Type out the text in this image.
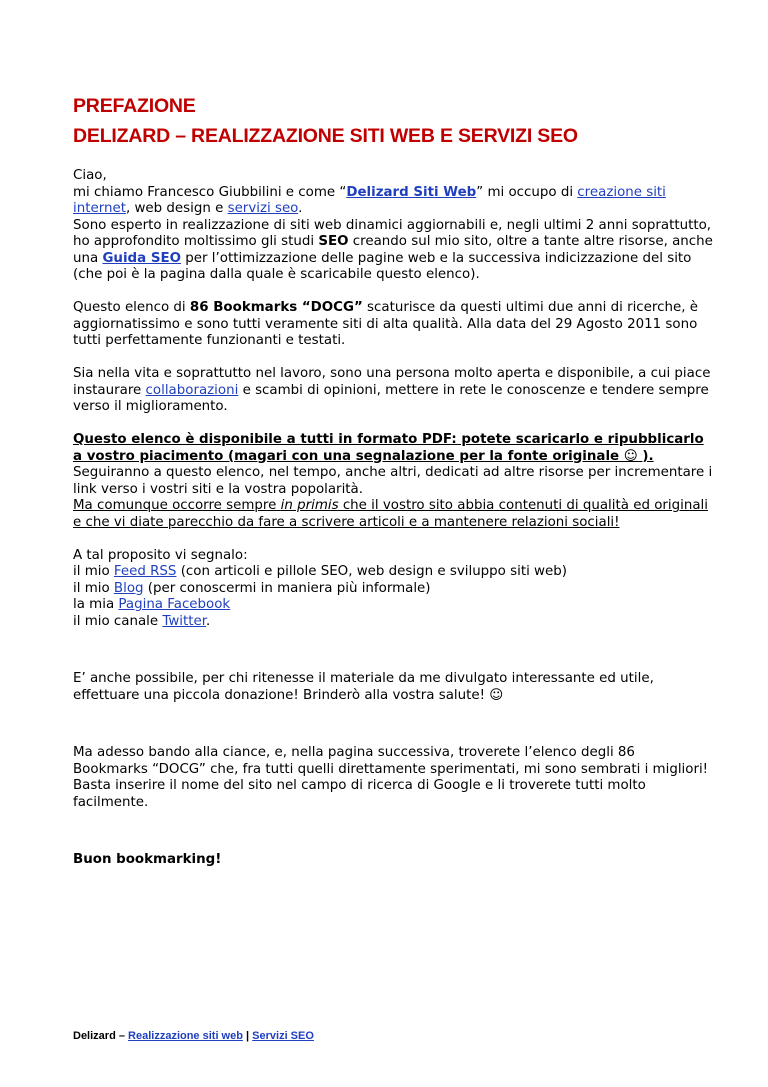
PREFAZIONE
DELIZARD – REALIZZAZIONE SITI WEB E SERVIZI SEO

Ciao,

mi chiamo Francesco Giubbilini e come “Delizard Siti Web” mi occupo di creazione siti internet, web design e servizi seo.
Sono esperto in realizzazione di siti web dinamici aggiornabili e, negli ultimi 2 anni soprattutto, ho approfondito moltissimo gli studi SEO creando sul mio sito, oltre a tante altre risorse, anche una Guida SEO per l’ottimizzazione delle pagine web e la successiva indicizzazione del sito (che poi è la pagina dalla quale è scaricabile questo elenco).

Questo elenco di 86 Bookmarks “DOCG” scaturisce da questi ultimi due anni di ricerche, è aggiornatissimo e sono tutti veramente siti di alta qualità. Alla data del 29 Agosto 2011 sono tutti perfettamente funzionanti e testati.

Sia nella vita e soprattutto nel lavoro, sono una persona molto aperta e disponibile, a cui piace instaurare collaborazioni e scambi di opinioni, mettere in rete le conoscenze e tendere sempre verso il miglioramento.

Questo elenco è disponibile a tutti in formato PDF: potete scaricarlo e ripubblicarlo a vostro piacimento (magari con una segnalazione per la fonte originale ☺ ).

Seguiranno a questo elenco, nel tempo, anche altri, dedicati ad altre risorse per incrementare i link verso i vostri siti e la vostra popolarità.

Ma comunque occorre sempre in primis che il vostro sito abbia contenuti di qualità ed originali e che vi diate parecchio da fare a scrivere articoli e a mantenere relazioni sociali!

A tal proposito vi segnalo:

il mio Feed RSS (con articoli e pillole SEO, web design e sviluppo siti web)

il mio Blog (per conoscermi in maniera più informale)

la mia Pagina Facebook

il mio canale Twitter.

E’ anche possibile, per chi ritenesse il materiale da me divulgato interessante ed utile, effettuare una piccola donazione! Brinderò alla vostra salute! ☺

Ma adesso bando alla ciance, e, nella pagina successiva, troverete l’elenco degli 86 Bookmarks “DOCG” che, fra tutti quelli direttamente sperimentati, mi sono sembrati i migliori!

Basta inserire il nome del sito nel campo di ricerca di Google e li troverete tutti molto facilmente.

Buon bookmarking!

Delizard – Realizzazione siti web | Servizi SEO
